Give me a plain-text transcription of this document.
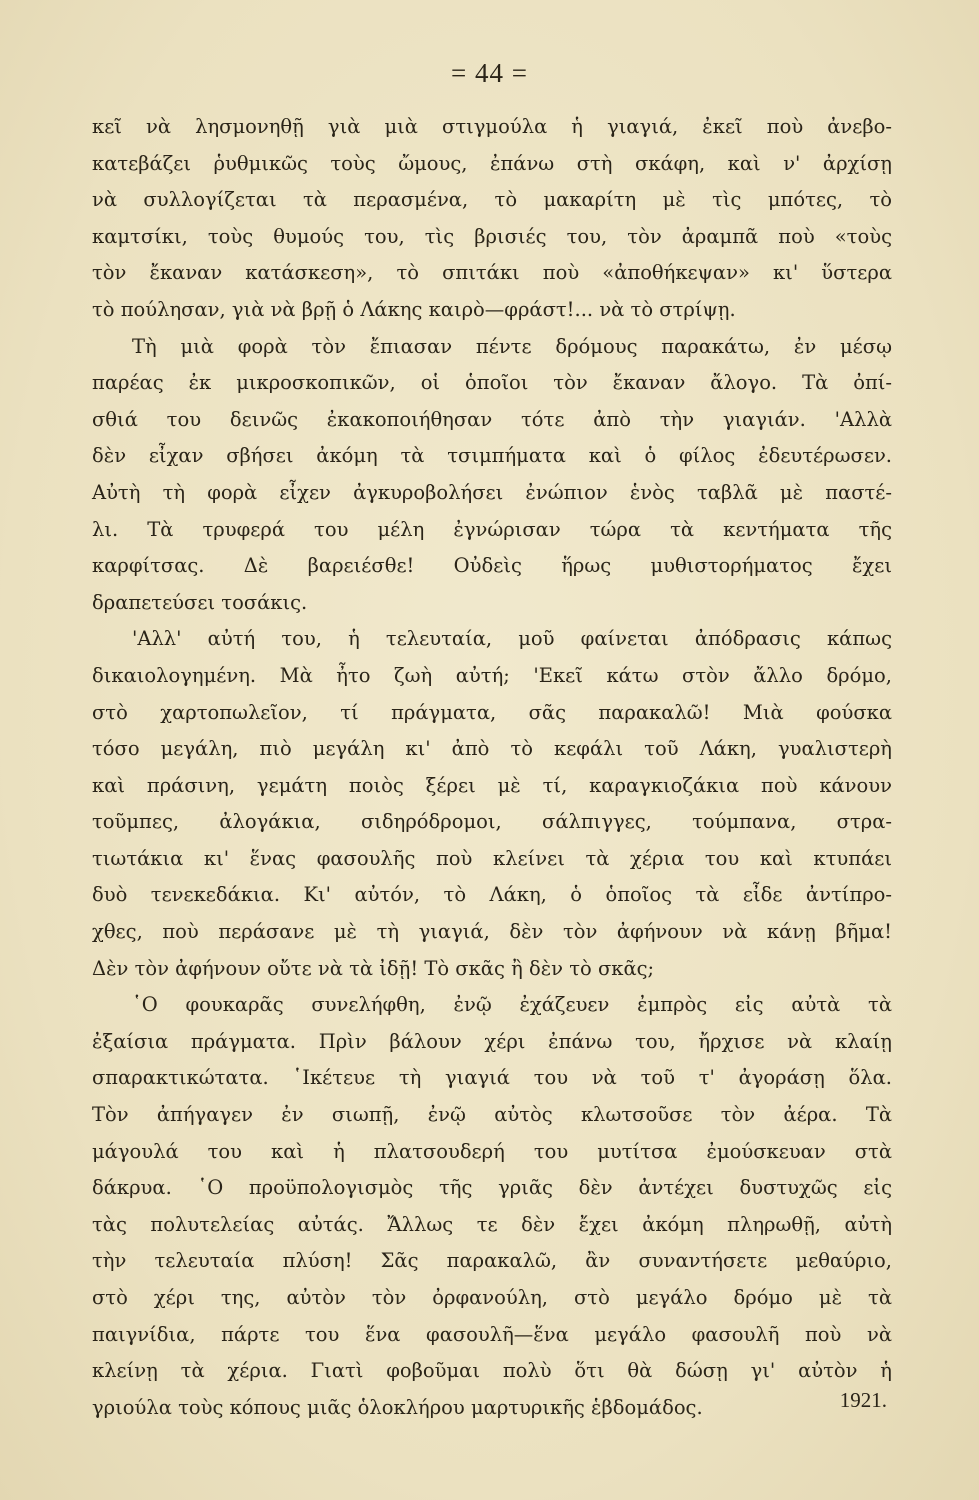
= 44 =
κεῖ νὰ λησμονηθῇ γιὰ μιὰ στιγμούλα ἡ γιαγιά, ἐκεῖ ποὺ ἀνεβο-
κατεβάζει ῥυθμικῶς τοὺς ὤμους, ἐπάνω στὴ σκάφη, καὶ ν' ἀρχίσῃ
νὰ συλλογίζεται τὰ περασμένα, τὸ μακαρίτη μὲ τὶς μπότες, τὸ
καμτσίκι, τοὺς θυμούς του, τὶς βρισιές του, τὸν ἀραμπᾶ ποὺ «τοὺς
τὸν ἔκαναν κατάσκεση», τὸ σπιτάκι ποὺ «ἀποθήκεψαν» κι' ὕστερα
τὸ πούλησαν, γιὰ νὰ βρῇ ὁ Λάκης καιρὸ—φράστ!... νὰ τὸ στρίψῃ.
Τὴ μιὰ φορὰ τὸν ἔπιασαν πέντε δρόμους παρακάτω, ἐν μέσῳ
παρέας ἐκ μικροσκοπικῶν, οἱ ὁποῖοι τὸν ἔκαναν ἄλογο. Τὰ ὀπί-
σθιά του δεινῶς ἐκακοποιήθησαν τότε ἀπὸ τὴν γιαγιάν. 'Αλλὰ
δὲν εἶχαν σβήσει ἀκόμη τὰ τσιμπήματα καὶ ὁ φίλος ἐδευτέρωσεν.
Αὐτὴ τὴ φορὰ εἶχεν ἀγκυροβολήσει ἐνώπιον ἑνὸς ταβλᾶ μὲ παστέ-
λι. Τὰ τρυφερά του μέλη ἐγνώρισαν τώρα τὰ κεντήματα τῆς
καρφίτσας. Δὲ βαρειέσθε! Οὐδεὶς ἥρως μυθιστορήματος ἔχει
δραπετεύσει τοσάκις.
'Αλλ' αὐτή του, ἡ τελευταία, μοῦ φαίνεται ἀπόδρασις κάπως
δικαιολογημένη. Μὰ ἦτο ζωὴ αὐτή; 'Εκεῖ κάτω στὸν ἄλλο δρόμο,
στὸ χαρτοπωλεῖον, τί πράγματα, σᾶς παρακαλῶ! Μιὰ φούσκα
τόσο μεγάλη, πιὸ μεγάλη κι' ἀπὸ τὸ κεφάλι τοῦ Λάκη, γυαλιστερὴ
καὶ πράσινη, γεμάτη ποιὸς ξέρει μὲ τί, καραγκιοζάκια ποὺ κάνουν
τοῦμπες, ἀλογάκια, σιδηρόδρομοι, σάλπιγγες, τούμπανα, στρα-
τιωτάκια κι' ἕνας φασουλῆς ποὺ κλείνει τὰ χέρια του καὶ κτυπάει
δυὸ τενεκεδάκια. Κι' αὐτόν, τὸ Λάκη, ὁ ὁποῖος τὰ εἶδε ἀντίπρο-
χθες, ποὺ περάσανε μὲ τὴ γιαγιά, δὲν τὸν ἀφήνουν νὰ κάνῃ βῆμα!
Δὲν τὸν ἀφήνουν οὔτε νὰ τὰ ἰδῇ! Τὸ σκᾶς ἢ δὲν τὸ σκᾶς;
῾Ο φουκαρᾶς συνελήφθη, ἐνῷ ἐχάζευεν ἐμπρὸς εἰς αὐτὰ τὰ
ἐξαίσια πράγματα. Πρὶν βάλουν χέρι ἐπάνω του, ἤρχισε νὰ κλαίῃ
σπαρακτικώτατα. ῾Ικέτευε τὴ γιαγιά του νὰ τοῦ τ' ἀγοράσῃ ὅλα.
Τὸν ἀπήγαγεν ἐν σιωπῇ, ἐνῷ αὐτὸς κλωτσοῦσε τὸν ἀέρα. Τὰ
μάγουλά του καὶ ἡ πλατσουδερή του μυτίτσα ἐμούσκευαν στὰ
δάκρυα. ῾Ο προϋπολογισμὸς τῆς γριᾶς δὲν ἀντέχει δυστυχῶς εἰς
τὰς πολυτελείας αὐτάς. Ἄλλως τε δὲν ἔχει ἀκόμη πληρωθῇ, αὐτὴ
τὴν τελευταία πλύση! Σᾶς παρακαλῶ, ἂν συναντήσετε μεθαύριο,
στὸ χέρι της, αὐτὸν τὸν ὀρφανούλη, στὸ μεγάλο δρόμο μὲ τὰ
παιγνίδια, πάρτε του ἕνα φασουλῆ—ἕνα μεγάλο φασουλῆ ποὺ νὰ
κλείνῃ τὰ χέρια. Γιατὶ φοβοῦμαι πολὺ ὅτι θὰ δώσῃ γι' αὐτὸν ἡ
γριούλα τοὺς κόπους μιᾶς ὁλοκλήρου μαρτυρικῆς ἑβδομάδος.	1921.
